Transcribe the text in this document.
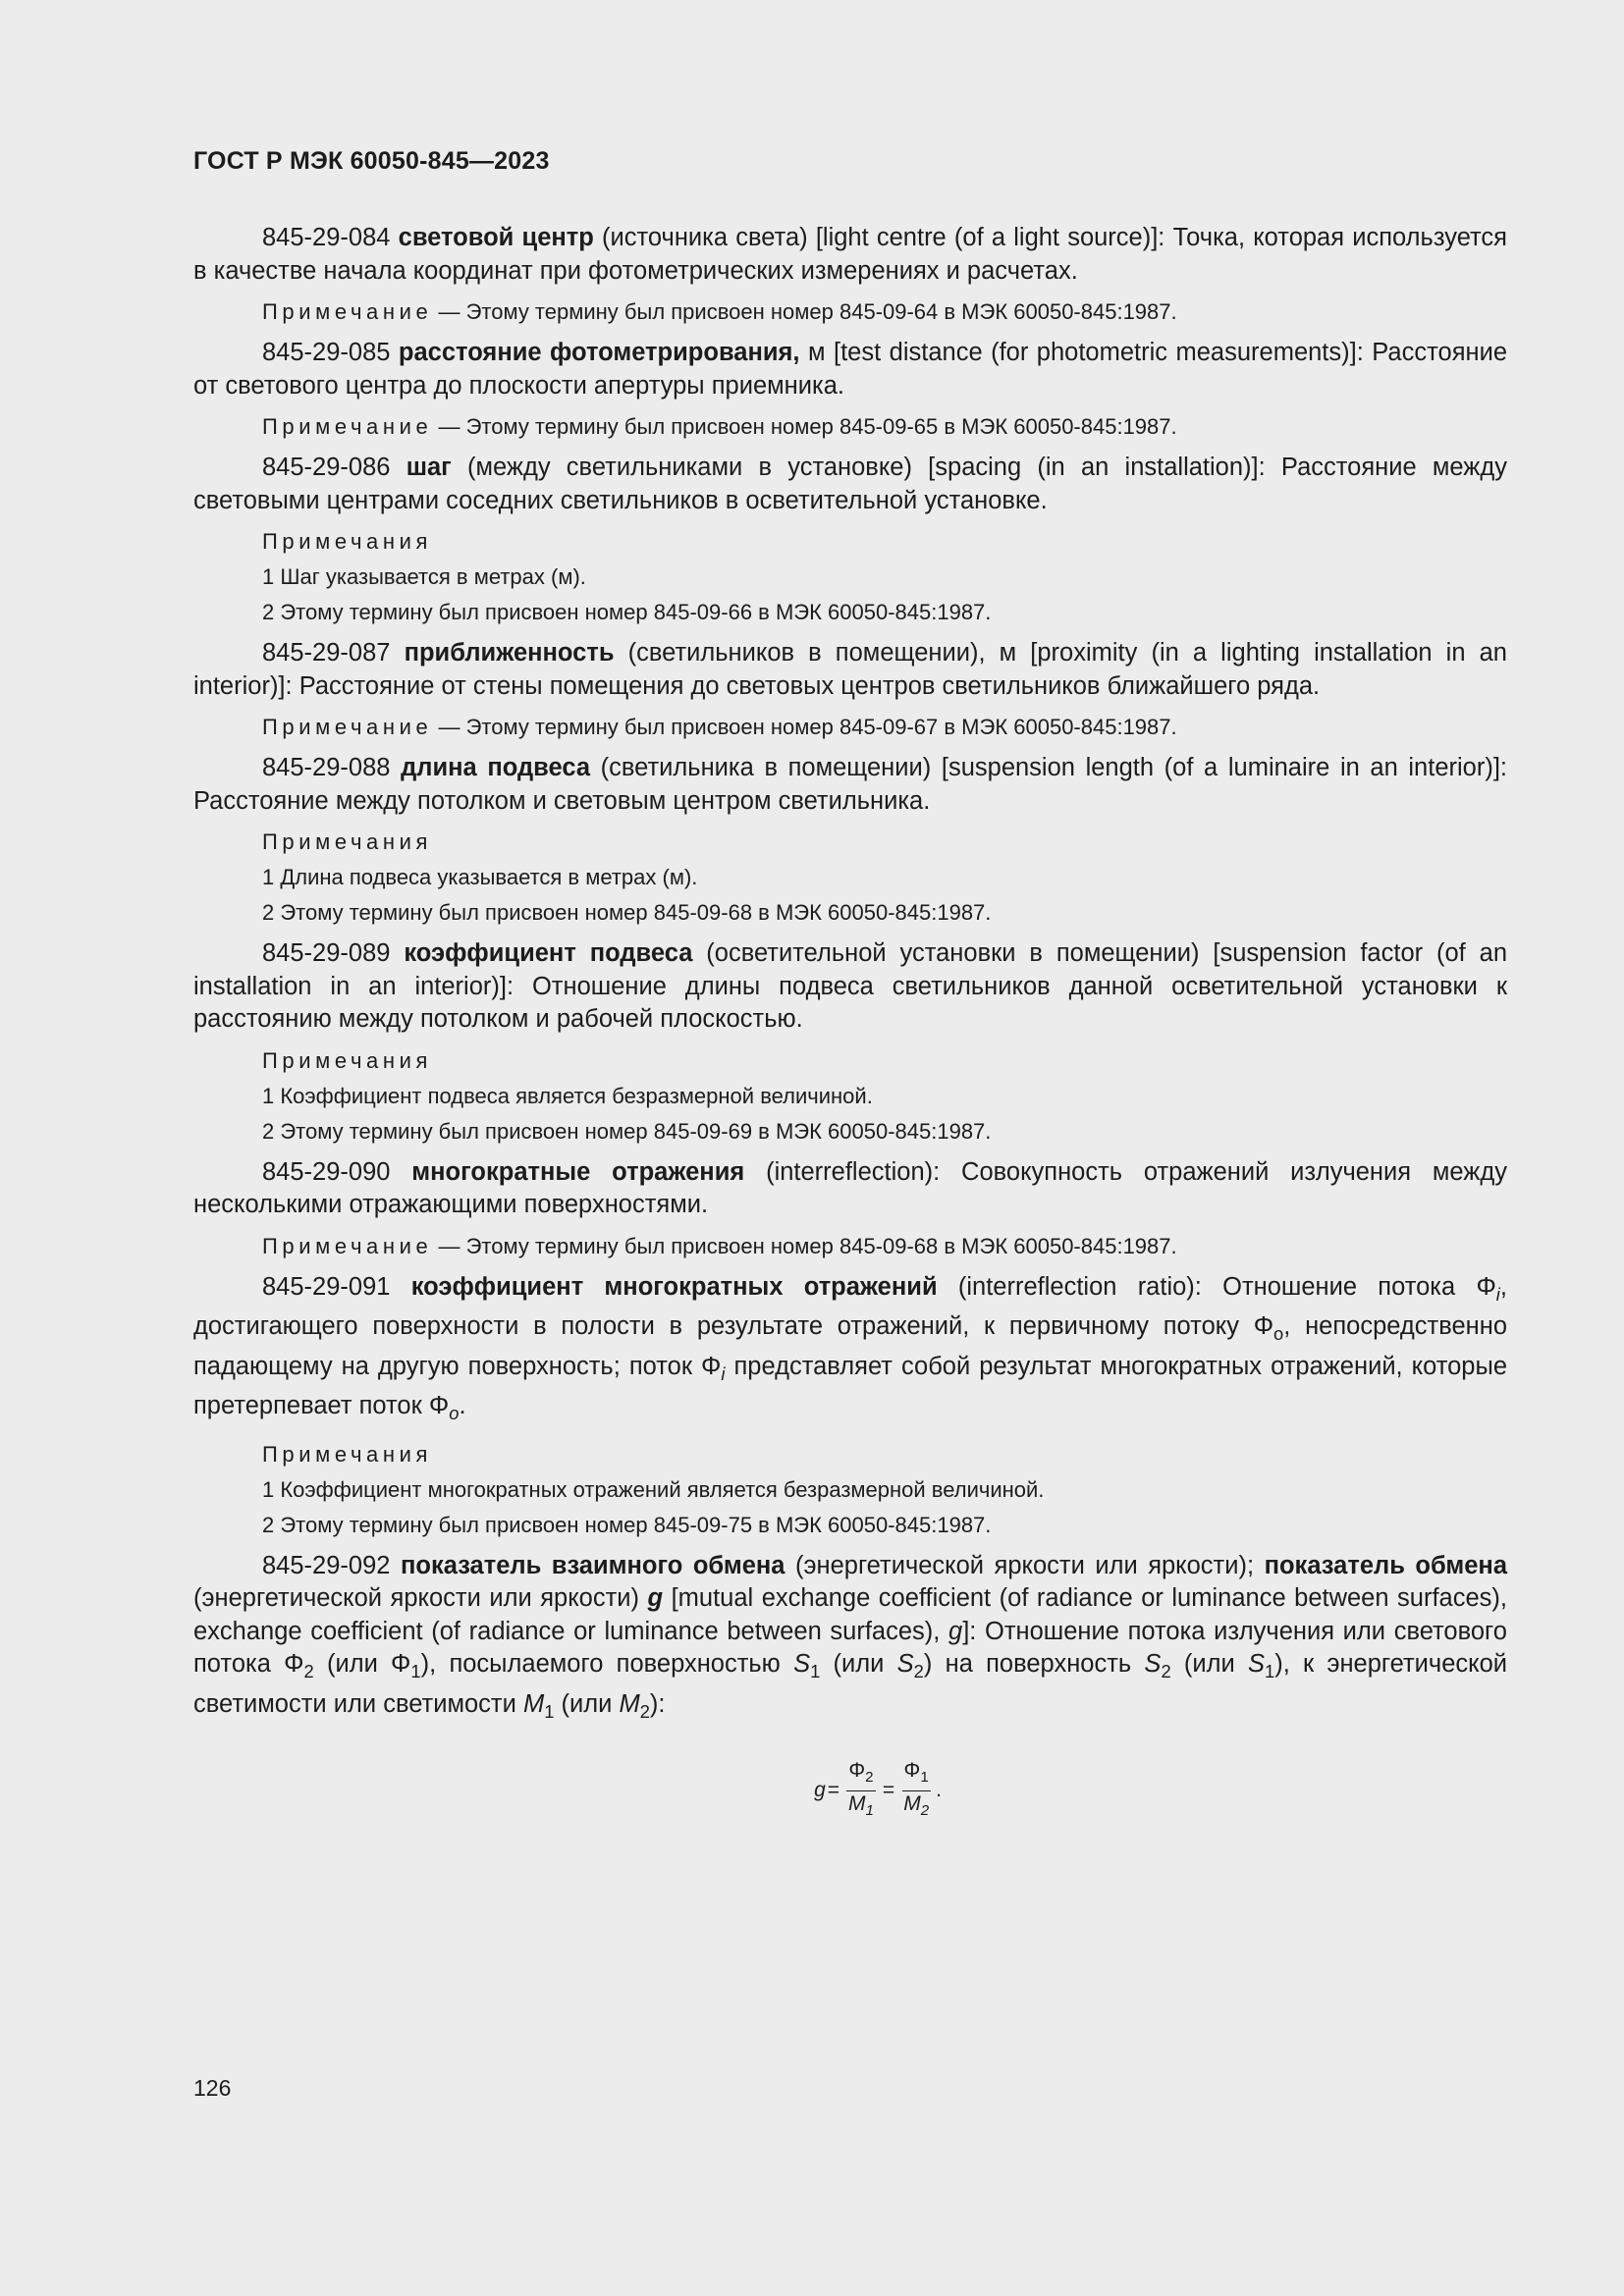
ГОСТ Р МЭК 60050-845—2023

845-29-084 световой центр (источника света) [light centre (of a light source)]: Точка, которая используется в качестве начала координат при фотометрических измерениях и расчетах.

Примечание — Этому термину был присвоен номер 845-09-64 в МЭК 60050-845:1987.

845-29-085 расстояние фотометрирования, м [test distance (for photometric measurements)]: Расстояние от светового центра до плоскости апертуры приемника.

Примечание — Этому термину был присвоен номер 845-09-65 в МЭК 60050-845:1987.

845-29-086 шаг (между светильниками в установке) [spacing (in an installation)]: Расстояние между световыми центрами соседних светильников в осветительной установке.

Примечания
1 Шаг указывается в метрах (м).
2 Этому термину был присвоен номер 845-09-66 в МЭК 60050-845:1987.

845-29-087 приближенность (светильников в помещении), м [proximity (in a lighting installation in an interior)]: Расстояние от стены помещения до световых центров светильников ближайшего ряда.

Примечание — Этому термину был присвоен номер 845-09-67 в МЭК 60050-845:1987.

845-29-088 длина подвеса (светильника в помещении) [suspension length (of a luminaire in an interior)]: Расстояние между потолком и световым центром светильника.

Примечания
1 Длина подвеса указывается в метрах (м).
2 Этому термину был присвоен номер 845-09-68 в МЭК 60050-845:1987.

845-29-089 коэффициент подвеса (осветительной установки в помещении) [suspension factor (of an installation in an interior)]: Отношение длины подвеса светильников данной осветительной установки к расстоянию между потолком и рабочей плоскостью.

Примечания
1 Коэффициент подвеса является безразмерной величиной.
2 Этому термину был присвоен номер 845-09-69 в МЭК 60050-845:1987.

845-29-090 многократные отражения (interreflection): Совокупность отражений излучения между несколькими отражающими поверхностями.

Примечание — Этому термину был присвоен номер 845-09-68 в МЭК 60050-845:1987.

845-29-091 коэффициент многократных отражений (interreflection ratio): Отношение потока $\Phi_i$, достигающего поверхности в полости в результате отражений, к первичному потоку $\Phi_o$, непосредственно падающему на другую поверхность; поток $\Phi_i$ представляет собой результат многократных отражений, которые претерпевает поток $\Phi_o$.

Примечания
1 Коэффициент многократных отражений является безразмерной величиной.
2 Этому термину был присвоен номер 845-09-75 в МЭК 60050-845:1987.

845-29-092 показатель взаимного обмена (энергетической яркости или яркости); показатель обмена (энергетической яркости или яркости) g [mutual exchange coefficient (of radiance or luminance between surfaces), exchange coefficient (of radiance or luminance between surfaces), g]: Отношение потока излучения или светового потока $\Phi_2$ (или $\Phi_1$), посылаемого поверхностью $S_1$ (или $S_2$) на поверхность $S_2$ (или $S_1$), к энергетической светимости или светимости $M_1$ (или $M_2$):

$g = \frac{\Phi_2}{M_1} = \frac{\Phi_1}{M_2}$ .
126
